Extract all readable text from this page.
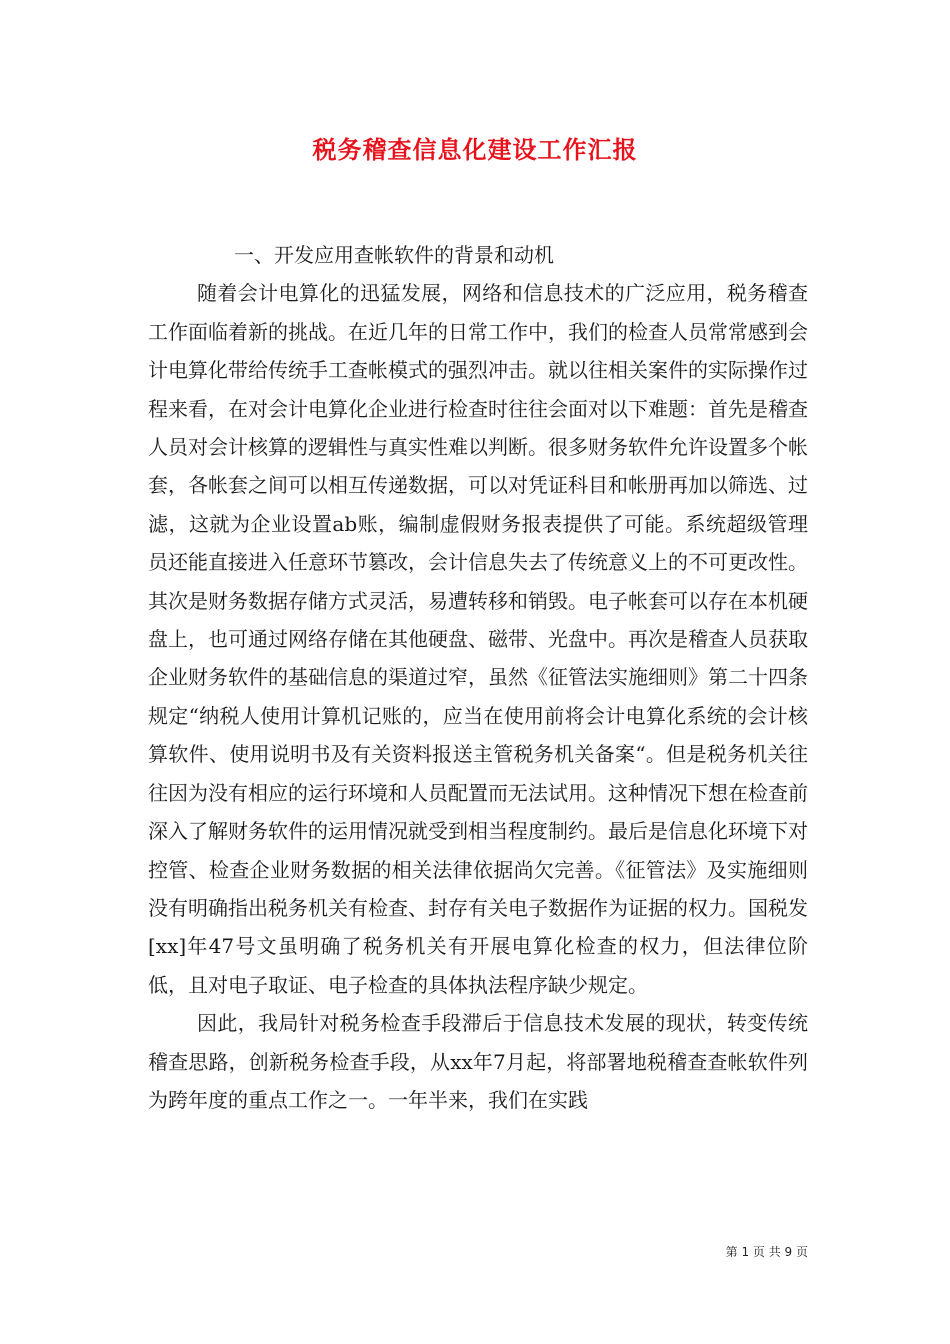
税务稽查信息化建设工作汇报

一、开发应用查帐软件的背景和动机

随着会计电算化的迅猛发展，网络和信息技术的广泛应用，税务稽查工作面临着新的挑战。在近几年的日常工作中，我们的检查人员常常感到会计电算化带给传统手工查帐模式的强烈冲击。就以往相关案件的实际操作过程来看，在对会计电算化企业进行检查时往往会面对以下难题：首先是稽查人员对会计核算的逻辑性与真实性难以判断。很多财务软件允许设置多个帐套，各帐套之间可以相互传递数据，可以对凭证科目和帐册再加以筛选、过滤，这就为企业设置ab账，编制虚假财务报表提供了可能。系统超级管理员还能直接进入任意环节篡改，会计信息失去了传统意义上的不可更改性。其次是财务数据存储方式灵活，易遭转移和销毁。电子帐套可以存在本机硬盘上，也可通过网络存储在其他硬盘、磁带、光盘中。再次是稽查人员获取企业财务软件的基础信息的渠道过窄，虽然《征管法实施细则》第二十四条规定“纳税人使用计算机记账的，应当在使用前将会计电算化系统的会计核算软件、使用说明书及有关资料报送主管税务机关备案“。但是税务机关往往因为没有相应的运行环境和人员配置而无法试用。这种情况下想在检查前深入了解财务软件的运用情况就受到相当程度制约。最后是信息化环境下对控管、检查企业财务数据的相关法律依据尚欠完善。《征管法》及实施细则没有明确指出税务机关有检查、封存有关电子数据作为证据的权力。国税发[xx]年47号文虽明确了税务机关有开展电算化检查的权力，但法律位阶低，且对电子取证、电子检查的具体执法程序缺少规定。

因此，我局针对税务检查手段滞后于信息技术发展的现状，转变传统稽查思路，创新税务检查手段，从xx年7月起，将部署地税稽查查帐软件列为跨年度的重点工作之一。一年半来，我们在实践

第 1 页 共 9 页
